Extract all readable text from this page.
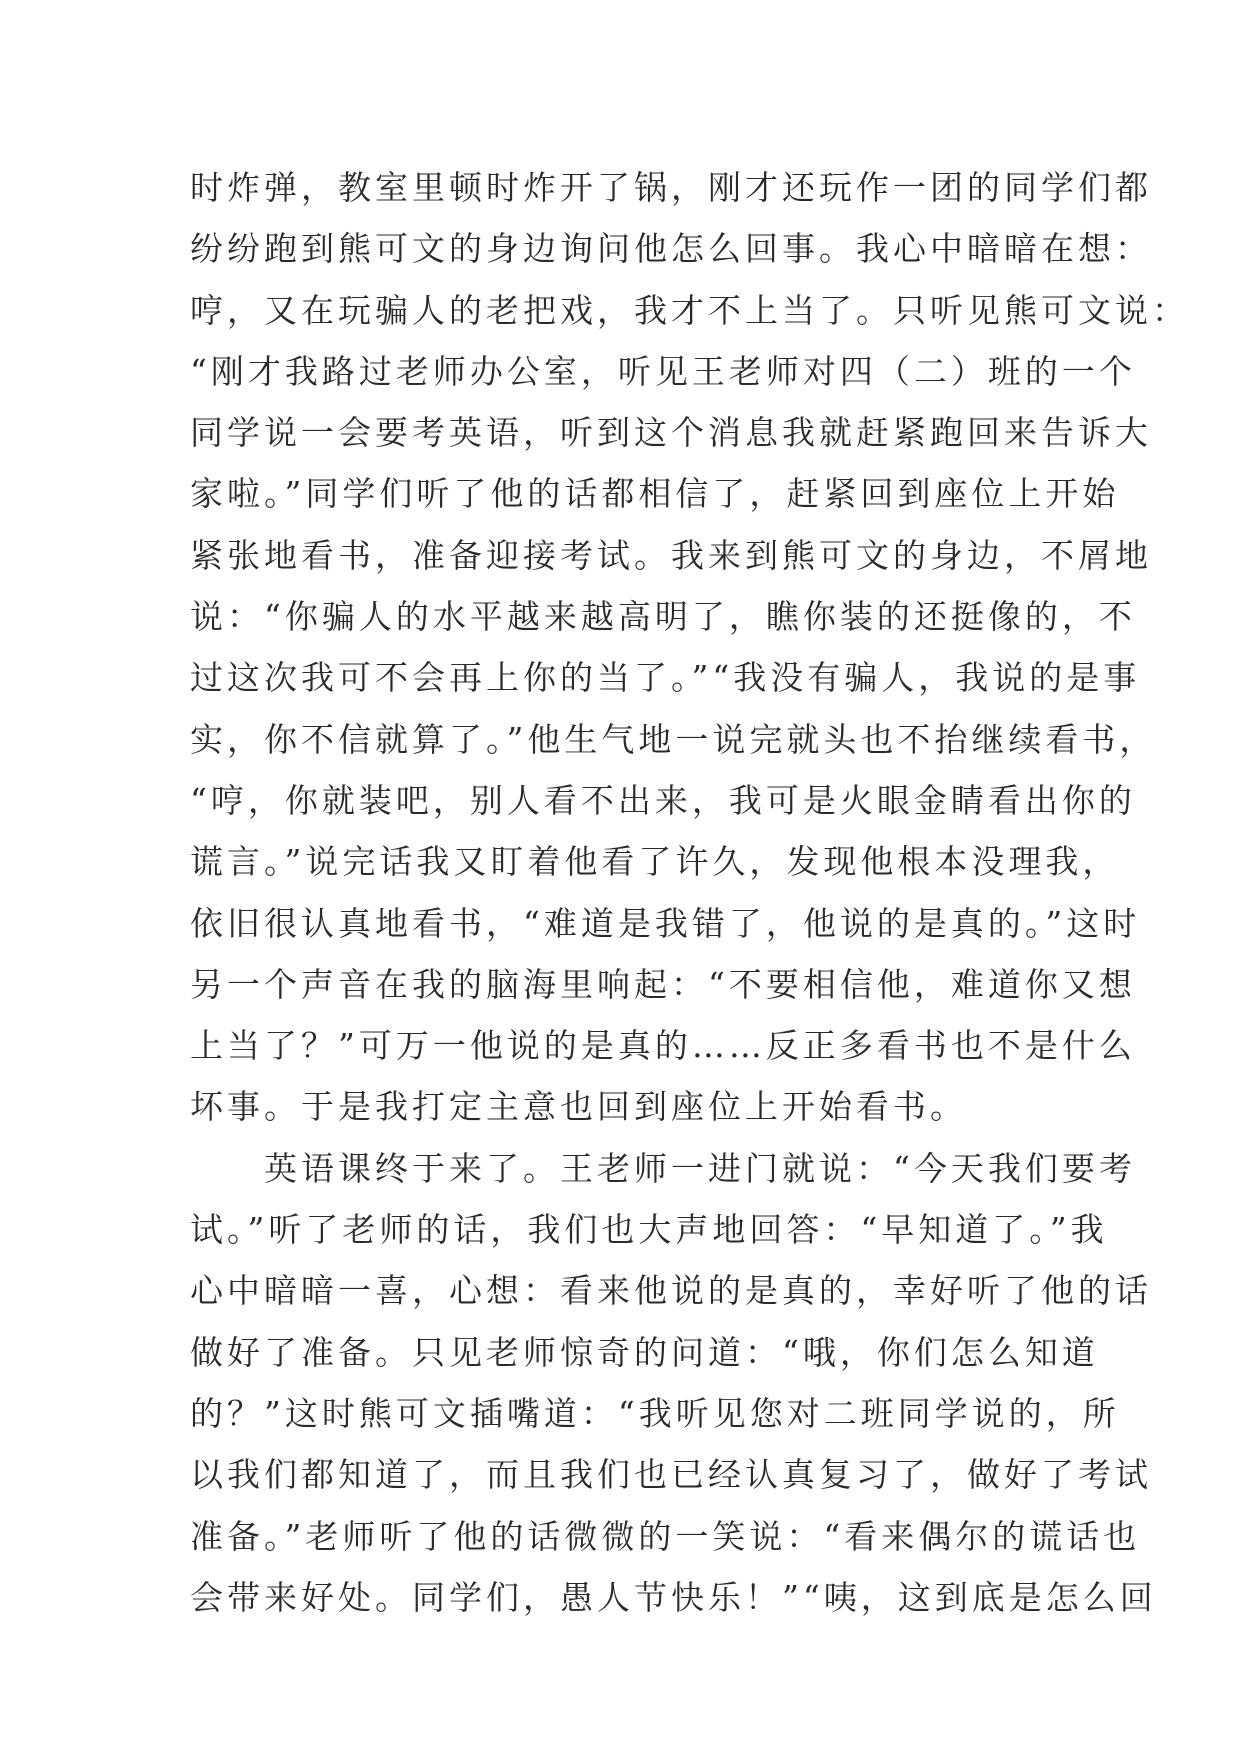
时炸弹，教室里顿时炸开了锅，刚才还玩作一团的同学们都
纷纷跑到熊可文的身边询问他怎么回事。我心中暗暗在想：
哼，又在玩骗人的老把戏，我才不上当了。只听见熊可文说：
“刚才我路过老师办公室，听见王老师对四（二）班的一个
同学说一会要考英语，听到这个消息我就赶紧跑回来告诉大
家啦。”同学们听了他的话都相信了，赶紧回到座位上开始
紧张地看书，准备迎接考试。我来到熊可文的身边，不屑地
说：“你骗人的水平越来越高明了，瞧你装的还挺像的，不
过这次我可不会再上你的当了。”“我没有骗人，我说的是事
实，你不信就算了。”他生气地一说完就头也不抬继续看书，
“哼，你就装吧，别人看不出来，我可是火眼金睛看出你的
谎言。”说完话我又盯着他看了许久，发现他根本没理我，
依旧很认真地看书，“难道是我错了，他说的是真的。”这时
另一个声音在我的脑海里响起：“不要相信他，难道你又想
上当了？”可万一他说的是真的……反正多看书也不是什么
坏事。于是我打定主意也回到座位上开始看书。
　　英语课终于来了。王老师一进门就说：“今天我们要考
试。”听了老师的话，我们也大声地回答：“早知道了。”我
心中暗暗一喜，心想：看来他说的是真的，幸好听了他的话
做好了准备。只见老师惊奇的问道：“哦，你们怎么知道
的？”这时熊可文插嘴道：“我听见您对二班同学说的，所
以我们都知道了，而且我们也已经认真复习了，做好了考试
准备。”老师听了他的话微微的一笑说：“看来偶尔的谎话也
会带来好处。同学们，愚人节快乐！”“咦，这到底是怎么回
